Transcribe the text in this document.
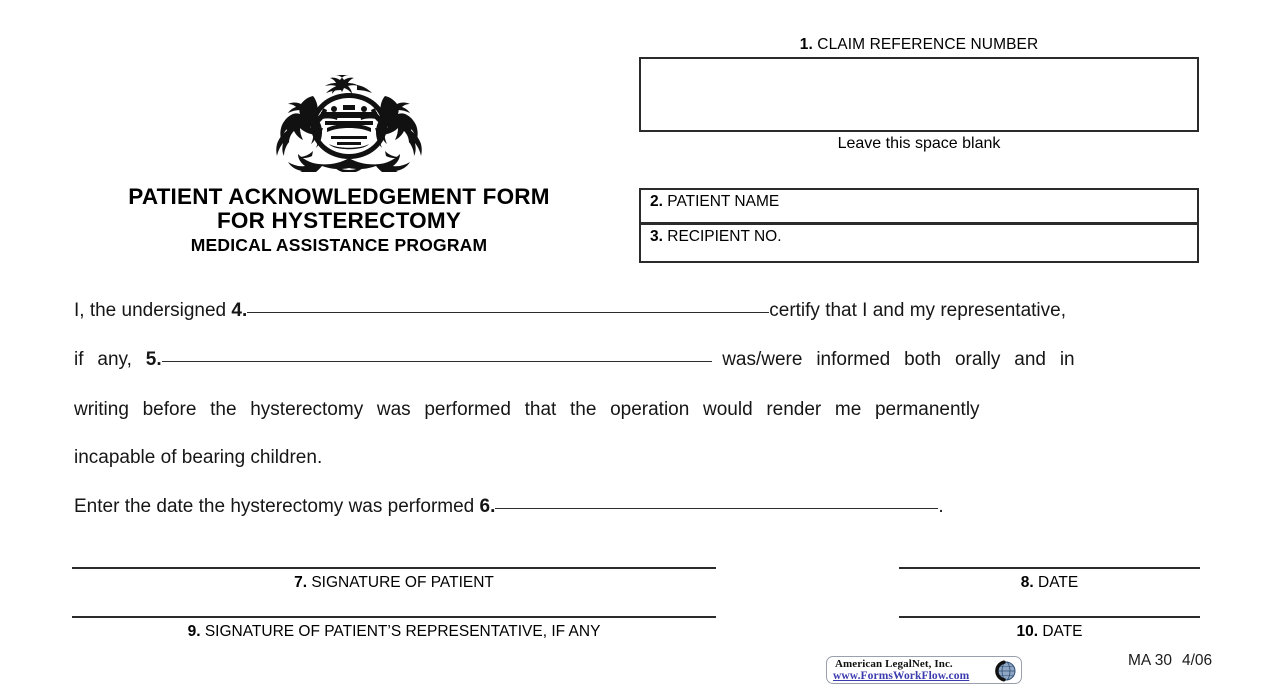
1. CLAIM REFERENCE NUMBER
Leave this space blank
PATIENT ACKNOWLEDGEMENT FORM
FOR HYSTERECTOMY
MEDICAL ASSISTANCE PROGRAM
2. PATIENT NAME
3. RECIPIENT NO.
I, the undersigned 4.	certify that I and my representative,
if any, 5.	was/were informed both orally and in
writing before the hysterectomy was performed that the operation would render me permanently
incapable of bearing children.
Enter the date the hysterectomy was performed 6.	.
7. SIGNATURE OF PATIENT	8. DATE
9. SIGNATURE OF PATIENT’S REPRESENTATIVE, IF ANY	10. DATE
American LegalNet, Inc.
www.FormsWorkFlow.com
MA 30 4/06
